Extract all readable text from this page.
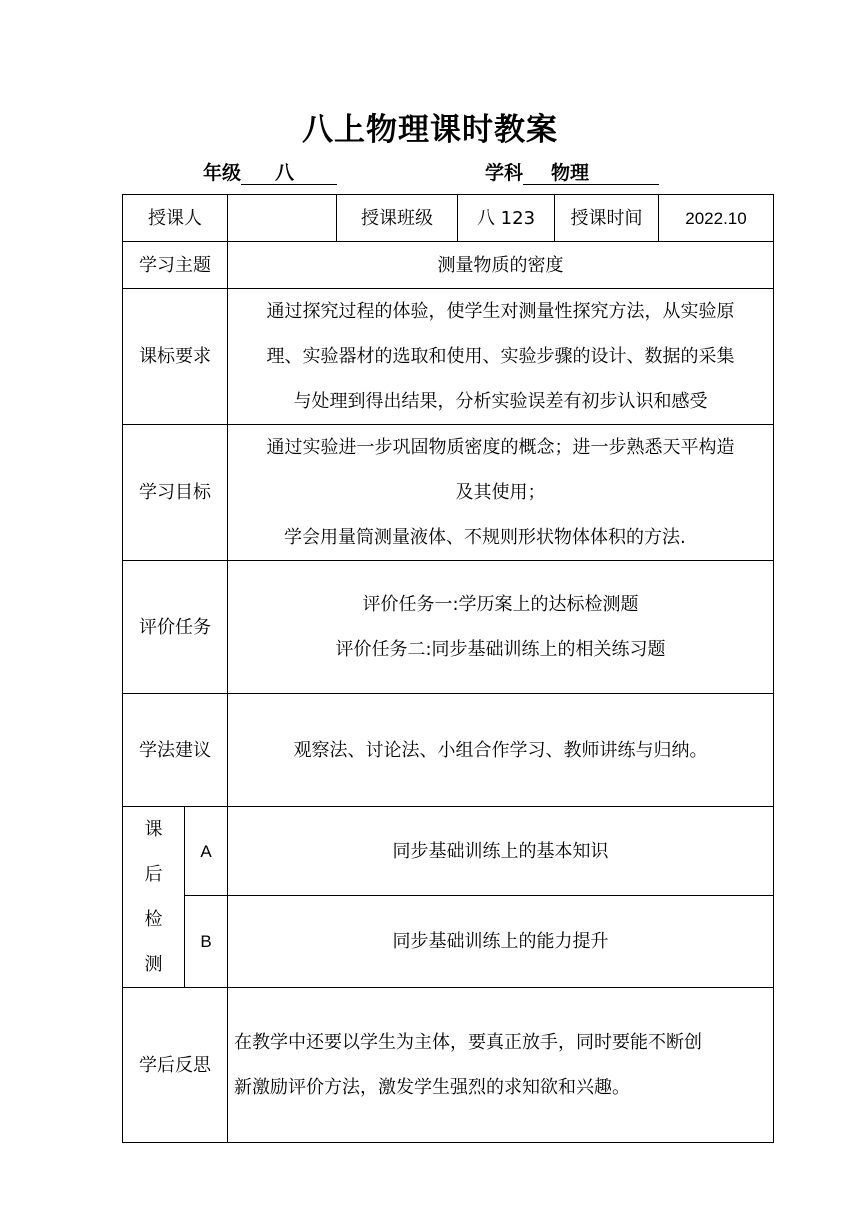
八上物理课时教案
年级 八	学科 物理
授课人			授课班级	八 123	授课时间	2022.10
学习主题		测量物质的密度				
课标要求		通过探究过程的体验，使学生对测量性探究方法，从实验原
理、实验器材的选取和使用、实验步骤的设计、数据的采集
与处理到得出结果，分析实验误差有初步认识和感受				

学习目标		通过实验进一步巩固物质密度的概念；进一步熟悉天平构造
及其使用；
学会用量筒测量液体、不规则形状物体体积的方法.				

评价任务		评价任务一:学历案上的达标检测题
评价任务二:同步基础训练上的相关练习题				

学法建议		观察法、讨论法、小组合作学习、教师讲练与归纳。				

课
后
检
测	A	同步基础训练上的基本知识				
	B	同步基础训练上的能力提升				
学后反思		在教学中还要以学生为主体，要真正放手，同时要能不断创
新激励评价方法，激发学生强烈的求知欲和兴趣。				
